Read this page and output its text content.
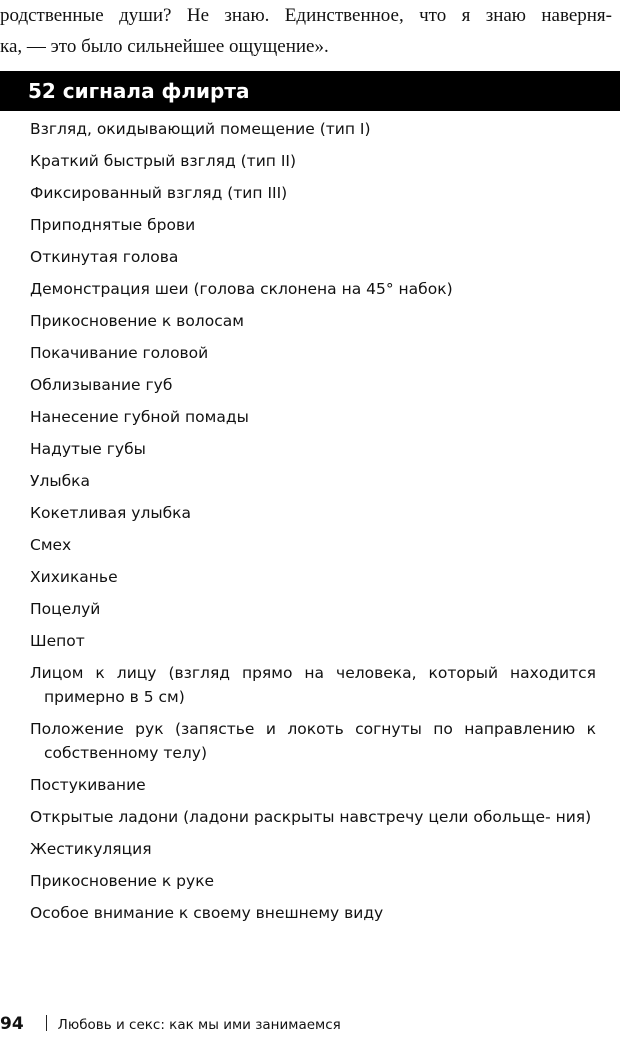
родственные души? Не знаю. Единственное, что я знаю наверня-
ка, — это было сильнейшее ощущение».
52 сигнала флирта
Взгляд, окидывающий помещение (тип I)
Краткий быстрый взгляд (тип II)
Фиксированный взгляд (тип III)
Приподнятые брови
Откинутая голова
Демонстрация шеи (голова склонена на 45° набок)
Прикосновение к волосам
Покачивание головой
Облизывание губ
Нанесение губной помады
Надутые губы
Улыбка
Кокетливая улыбка
Смех
Хихиканье
Поцелуй
Шепот
Лицом к лицу (взгляд прямо на человека, который находится примерно в 5 см)
Положение рук (запястье и локоть согнуты по направлению к собственному телу)
Постукивание
Открытые ладони (ладони раскрыты навстречу цели обольще- ния)
Жестикуляция
Прикосновение к руке
Особое внимание к своему внешнему виду
94	Любовь и секс: как мы ими занимаемся
